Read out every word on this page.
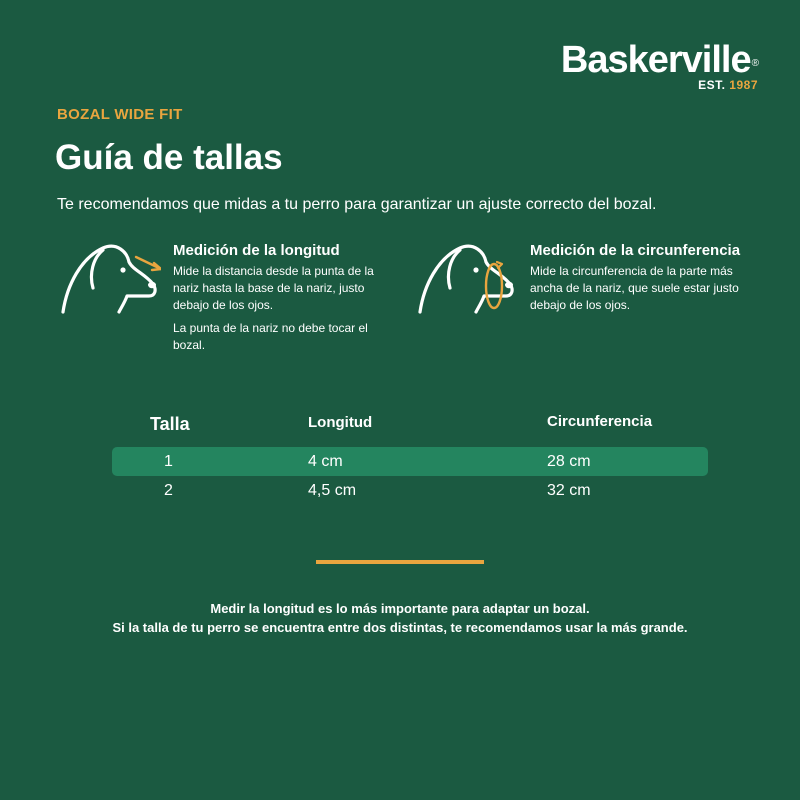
Baskerville®
EST. 1987
BOZAL WIDE FIT
Guía de tallas
Te recomendamos que midas a tu perro para garantizar un ajuste correcto del bozal.
Medición de la longitud

Mide la distancia desde la punta de la nariz hasta la base de la nariz, justo debajo de los ojos.

La punta de la nariz no debe tocar el bozal.

Medición de la circunferencia

Mide la circunferencia de la parte más ancha de la nariz, que suele estar justo debajo de los ojos.

Talla	Longitud	Circunferencia
1	4 cm	28 cm
2	4,5 cm	32 cm
Medir la longitud es lo más importante para adaptar un bozal.
Si la talla de tu perro se encuentra entre dos distintas, te recomendamos usar la más grande.
